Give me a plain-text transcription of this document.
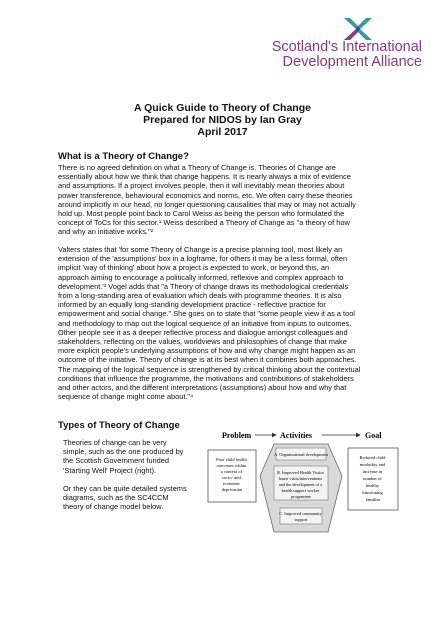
Scotland's International
Development Alliance
A Quick Guide to Theory of Change
Prepared for NIDOS by Ian Gray
April 2017
What is a Theory of Change?
There is no agreed definition on what a Theory of Change is. Theories of Change are
essentially about how we think that change happens. It is nearly always a mix of evidence
and assumptions. If a project involves people, then it will inevitably mean theories about
power transference, behavioural economics and norms, etc. We often carry these theories
around implicitly in our head, no longer questioning causalities that may or may not actually
hold up. Most people point back to Carol Weiss as being the person who formulated the
concept of ToCs for this sector.¹ Weiss described a Theory of Change as "a theory of how
and why an initiative works."²
Valters states that 'for some Theory of Change is a precise planning tool, most likely an
extension of the 'assumptions' box in a logframe, for others it may be a less formal, often
implicit 'way of thinking' about how a project is expected to work, or beyond this, an
approach aiming to encourage a politically informed, reflexive and complex approach to
development.'³ Vogel adds that "a Theory of change draws its methodological credentials
from a long-standing area of evaluation which deals with programme theories. It is also
informed by an equally long-standing development practice - reflective practice for
empowerment and social change." She goes on to state that "some people view it as a tool
and methodology to map out the logical sequence of an initiative from inputs to outcomes.
Other people see it as a deeper reflective process and dialogue amongst colleagues and
stakeholders, reflecting on the values, worldviews and philosophies of change that make
more explicit people's underlying assumptions of how and why change might happen as an
outcome of the initiative. Theory of change is at its best when it combines both approaches.
The mapping of the logical sequence is strengthened by critical thinking about the contextual
conditions that influence the programme, the motivations and contributions of stakeholders
and other actors, and the different interpretations (assumptions) about how and why that
sequence of change might come about."⁴
Types of Theory of Change
Theories of change can be very
simple, such as the one produced by
the Scottish Government funded
'Starting Well' Project (right).

Or they can be quite detailed systems
diagrams, such as the SC4CCM
theory of change model below.
Problem	Activities	Goal
Poor child health outcomes within a context of socio- and economic deprivation
A. Organisational development
B. Improved Health Visitor home visits/interventions and the development of a health support worker programme
C. Improved community support
Reduced child morbidity and increase in number of healthy functioning families
